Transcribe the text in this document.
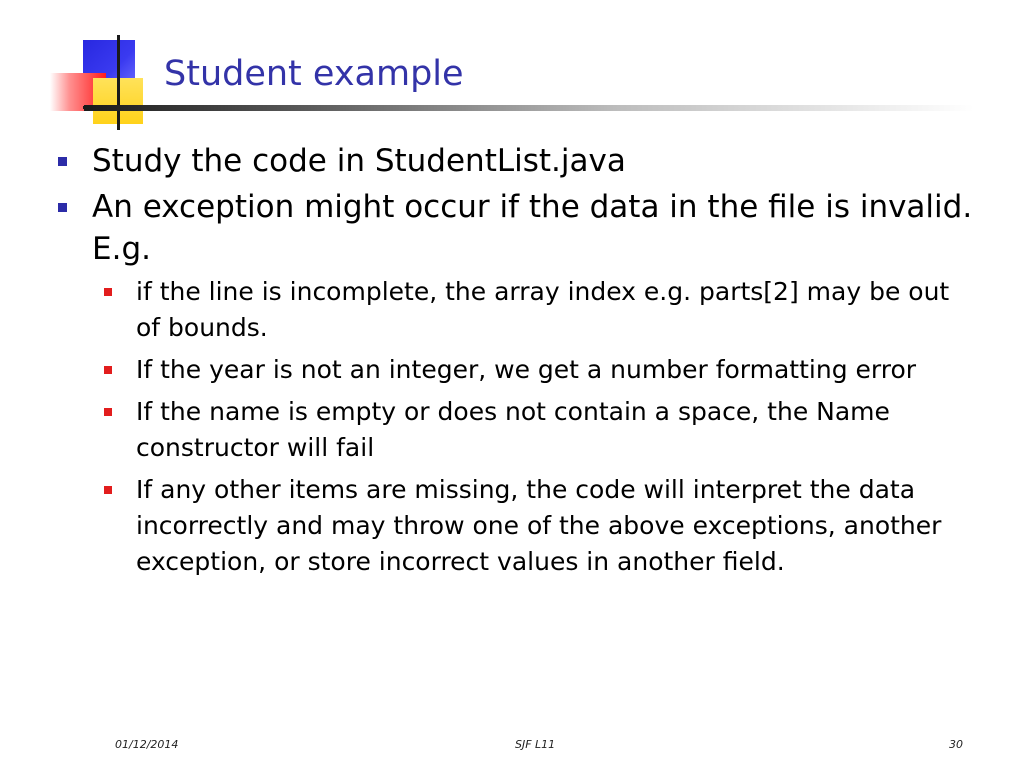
Student example
Study the code in StudentList.java
An exception might occur if the data in the file is invalid. E.g.
if the line is incomplete, the array index e.g. parts[2] may be out of bounds.
If the year is not an integer, we get a number formatting error
If the name is empty or does not contain a space, the Name constructor will fail
If any other items are missing, the code will interpret the data incorrectly and may throw one of the above exceptions, another exception, or store incorrect values in another field.
01/12/2014	SJF L11	30
